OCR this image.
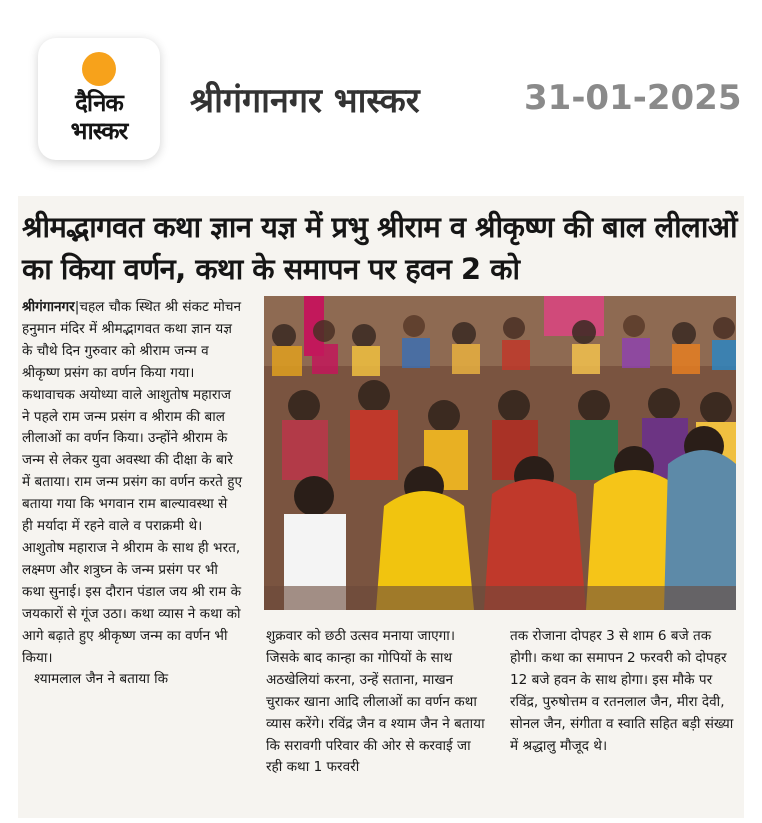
दैनिक
भास्कर
श्रीगंगानगर भास्कर	31-01-2025
श्रीमद्भागवत कथा ज्ञान यज्ञ में प्रभु श्रीराम व श्रीकृष्ण की बाल लीलाओं का किया वर्णन, कथा के समापन पर हवन 2 को

श्रीगंगानगर|चहल चौक स्थित श्री संकट मोचन हनुमान मंदिर में श्रीमद्भागवत कथा ज्ञान यज्ञ के चौथे दिन गुरुवार को श्रीराम जन्म व श्रीकृष्ण प्रसंग का वर्णन किया गया। कथावाचक अयोध्या वाले आशुतोष महाराज ने पहले राम जन्म प्रसंग व श्रीराम की बाल लीलाओं का वर्णन किया। उन्होंने श्रीराम के जन्म से लेकर युवा अवस्था की दीक्षा के बारे में बताया। राम जन्म प्रसंग का वर्णन करते हुए बताया गया कि भगवान राम बाल्यावस्था से ही मर्यादा में रहने वाले व पराक्रमी थे। आशुतोष महाराज ने श्रीराम के साथ ही भरत, लक्ष्मण और शत्रुघ्न के जन्म प्रसंग पर भी कथा सुनाई। इस दौरान पंडाल जय श्री राम के जयकारों से गूंज उठा। कथा व्यास ने कथा को आगे बढ़ाते हुए श्रीकृष्ण जन्म का वर्णन भी किया।

श्यामलाल जैन ने बताया कि

शुक्रवार को छठी उत्सव मनाया जाएगा। जिसके बाद कान्हा का गोपियों के साथ अठखेलियां करना, उन्हें सताना, माखन चुराकर खाना आदि लीलाओं का वर्णन कथा व्यास करेंगे। रविंद्र जैन व श्याम जैन ने बताया कि सरावगी परिवार की ओर से करवाई जा रही कथा 1 फरवरी

तक रोजाना दोपहर 3 से शाम 6 बजे तक होगी। कथा का समापन 2 फरवरी को दोपहर 12 बजे हवन के साथ होगा। इस मौके पर रविंद्र, पुरुषोत्तम व रतनलाल जैन, मीरा देवी, सोनल जैन, संगीता व स्वाति सहित बड़ी संख्या में श्रद्धालु मौजूद थे।
